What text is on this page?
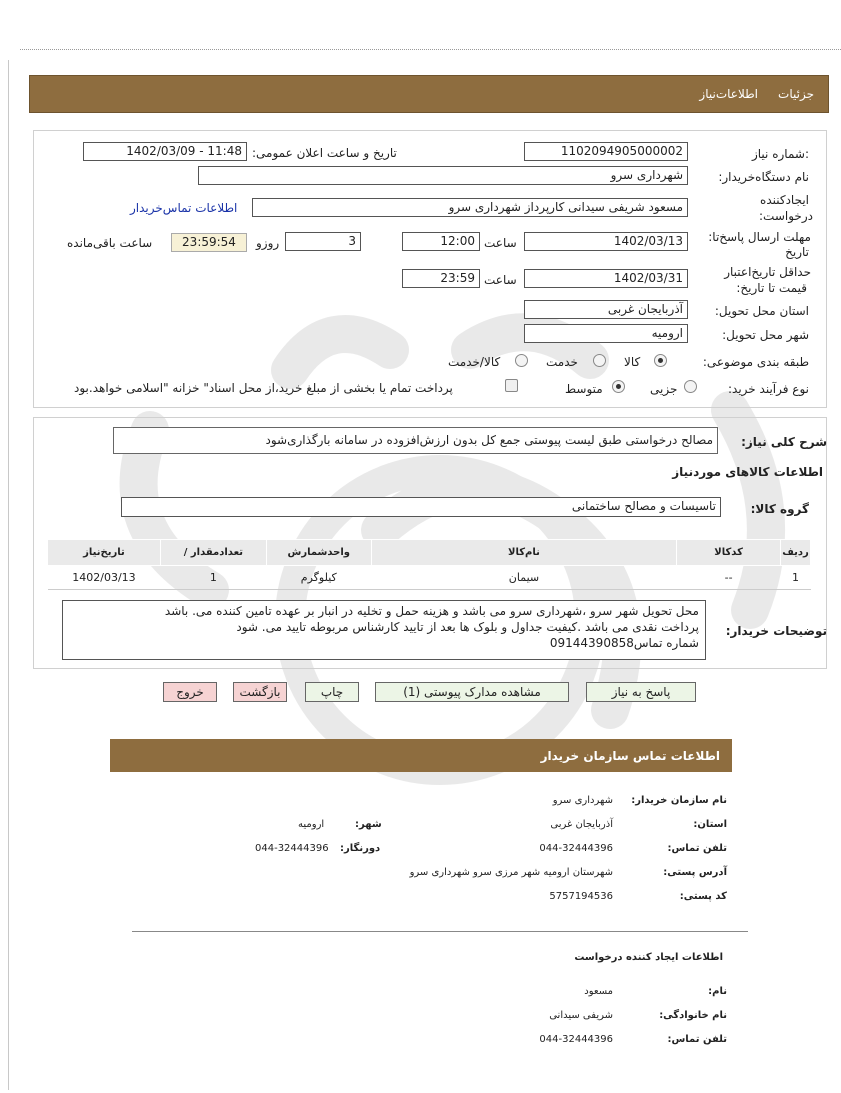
جزئیات
اطلاعات‌نیاز
شماره نیاز:
1102094905000002
تاریخ و ساعت اعلان عمومی:
1402/03/09 - 11:48
نام دستگاه‌خریدار:
شهرداری سرو
ایجادکننده
درخواست:
مسعود شریفی سیدانی کارپرداز شهرداری سرو
اطلاعات تماس‌خریدار
مهلت ارسال پاسخ‌تا:
تاریخ
1402/03/13
ساعت
12:00
3
روزو
23:59:54
ساعت باقی‌مانده
حداقل تاریخ‌اعتبار
قیمت تا تاریخ:
1402/03/31
ساعت
23:59
استان محل تحویل:
آذربایجان غربی
شهر محل تحویل:
ارومیه
طبقه بندی موضوعی:
کالا
خدمت
کالا/خدمت
نوع فرآیند خرید:
جزیی
متوسط
پرداخت تمام یا بخشی از مبلغ خرید،از محل اسناد" خزانه "اسلامی خواهد.بود
شرح کلی نیاز:
مصالح درخواستی طبق لیست پیوستی جمع کل بدون ارزش‌افزوده در سامانه بارگذاری‌شود
اطلاعات کالاهای موردنیاز
گروه کالا:
تاسیسات و مصالح ساختمانی
ردیف	کدکالا	نام‌کالا	واحدشمارش	تعدادمقدار /	تاریخ‌نیاز
1	--	سیمان	کیلوگرم	1	1402/03/13
توضیحات خریدار:
محل تحویل شهر سرو ،شهرداری سرو می باشد و هزینه حمل و تخلیه در انبار بر عهده تامین کننده می. باشد
پرداخت نقدی می باشد .کیفیت جداول و بلوک ها بعد از تایید کارشناس مربوطه تایید می. شود
شماره تماس09144390858
پاسخ به نیاز
مشاهده مدارک پیوستی (1)
چاپ
بازگشت
خروج
اطلاعات تماس سازمان خریدار
نام سازمان خریدار:
شهرداری سرو
استان:
آذربایجان غربی
شهر:
ارومیه
تلفن تماس:
044-32444396
دورنگار:
044-32444396
آدرس پستی:
شهرستان ارومیه شهر مرزی سرو شهرداری سرو
کد پستی:
5757194536
اطلاعات ایجاد کننده درخواست
نام:
مسعود
نام خانوادگی:
شریفی سیدانی
تلفن تماس:
044-32444396
